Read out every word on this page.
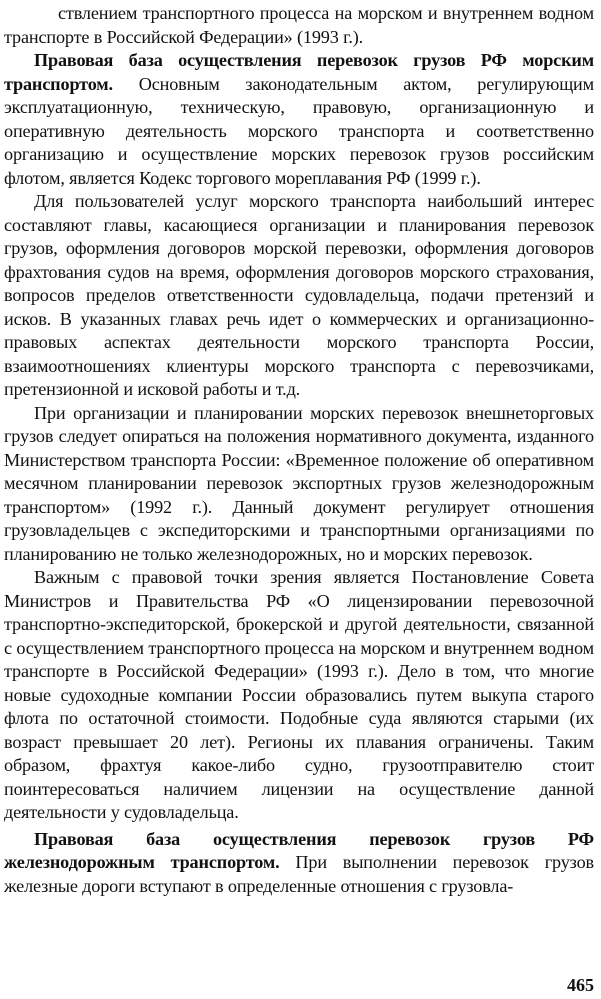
ствлением транспортного процесса на морском и внутреннем водном транспорте в Российской Федерации» (1993 г.).

Правовая база осуществления перевозок грузов РФ морским транспортом. Основным законодательным актом, регулирующим эксплуатационную, техническую, правовую, организационную и оперативную деятельность морского транспорта и соответственно организацию и осуществление морских перевозок грузов российским флотом, является Кодекс торгового мореплавания РФ (1999 г.).

Для пользователей услуг морского транспорта наибольший интерес составляют главы, касающиеся организации и планирования перевозок грузов, оформления договоров морской перевозки, оформления договоров фрахтования судов на время, оформления договоров морского страхования, вопросов пределов ответственности судовладельца, подачи претензий и исков. В указанных главах речь идет о коммерческих и организационно-правовых аспектах деятельности морского транспорта России, взаимоотношениях клиентуры морского транспорта с перевозчиками, претензионной и исковой работы и т.д.

При организации и планировании морских перевозок внешнеторговых грузов следует опираться на положения нормативного документа, изданного Министерством транспорта России: «Временное положение об оперативном месячном планировании перевозок экспортных грузов железнодорожным транспортом» (1992 г.). Данный документ регулирует отношения грузовладельцев с экспедиторскими и транспортными организациями по планированию не только железнодорожных, но и морских перевозок.

Важным с правовой точки зрения является Постановление Совета Министров и Правительства РФ «О лицензировании перевозочной транспортно-экспедиторской, брокерской и другой деятельности, связанной с осуществлением транспортного процесса на морском и внутреннем водном транспорте в Российской Федерации» (1993 г.). Дело в том, что многие новые судоходные компании России образовались путем выкупа старого флота по остаточной стоимости. Подобные суда являются старыми (их возраст превышает 20 лет). Регионы их плавания ограничены. Таким образом, фрахтуя какое-либо судно, грузоотправителю стоит поинтересоваться наличием лицензии на осуществление данной деятельности у судовладельца.

Правовая база осуществления перевозок грузов РФ железнодорожным транспортом. При выполнении перевозок грузов железные дороги вступают в определенные отношения с грузовла-

465
